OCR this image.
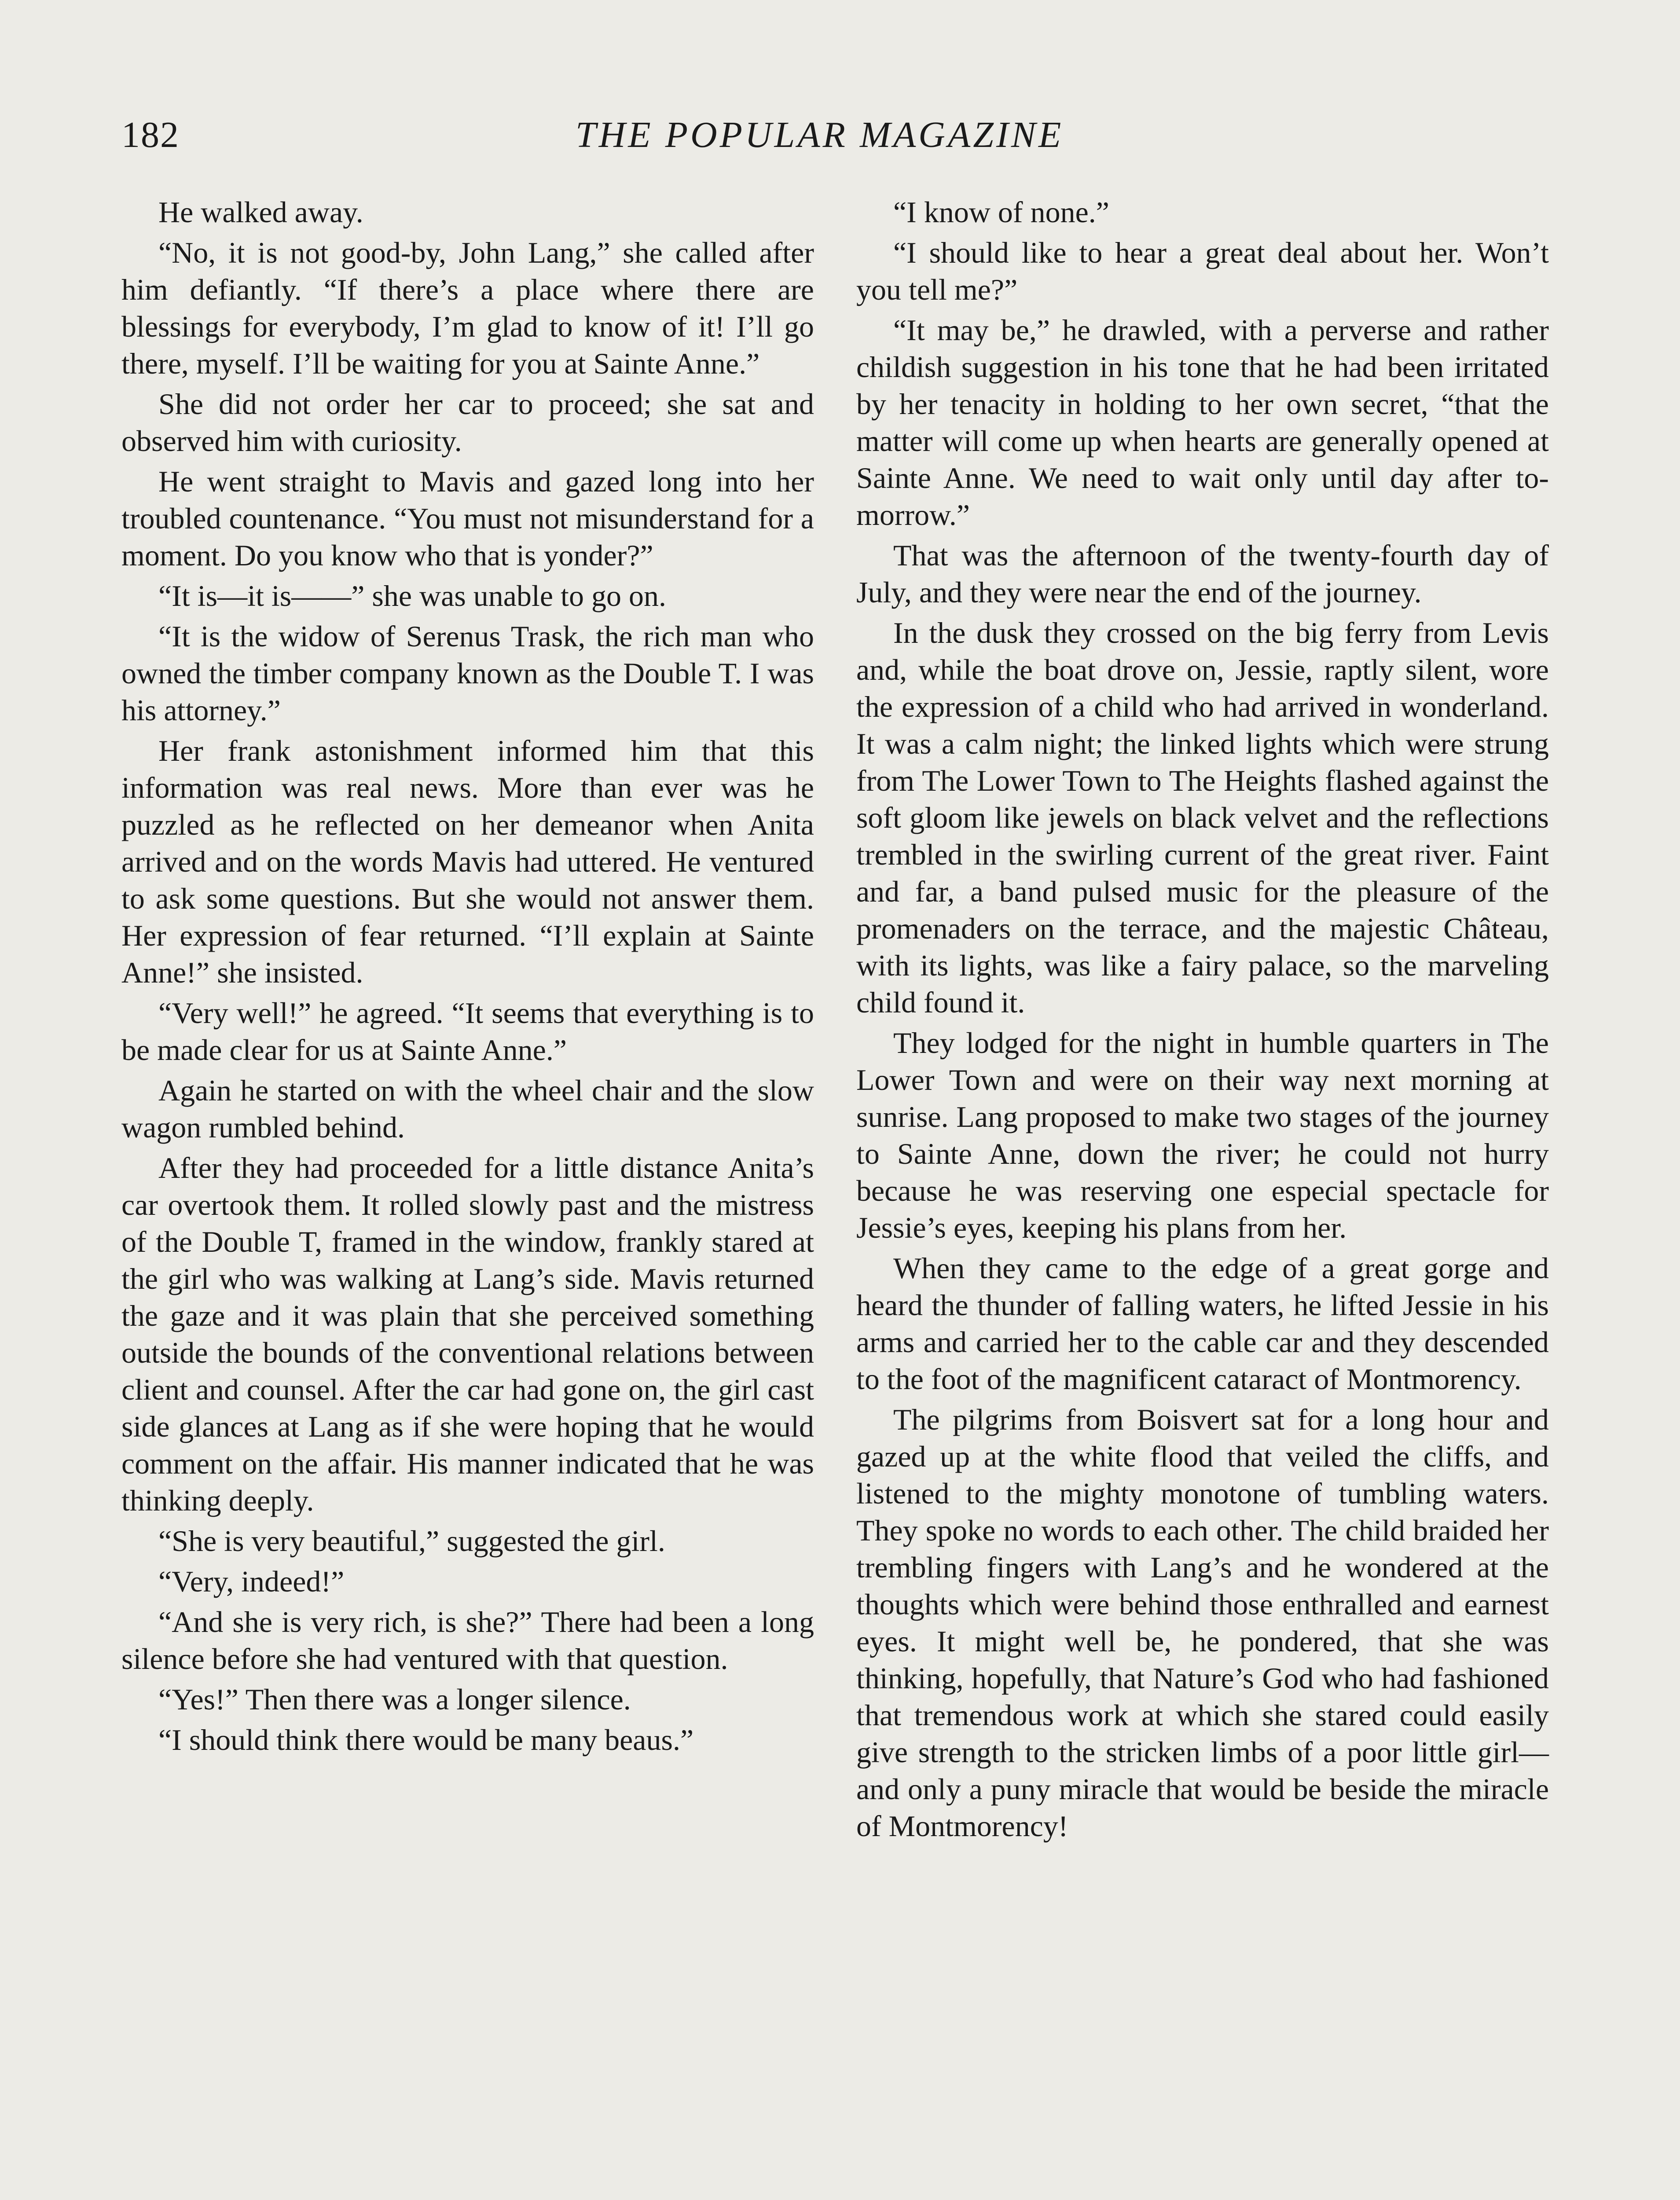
182	THE POPULAR MAGAZINE

He walked away.

“No, it is not good-by, John Lang,” she called after him defiantly. “If there’s a place where there are blessings for everybody, I’m glad to know of it! I’ll go there, myself. I’ll be waiting for you at Sainte Anne.”

She did not order her car to proceed; she sat and observed him with curiosity.

He went straight to Mavis and gazed long into her troubled countenance. “You must not misunderstand for a moment. Do you know who that is yonder?”

“It is—it is——” she was unable to go on.

“It is the widow of Serenus Trask, the rich man who owned the timber company known as the Double T. I was his attorney.”

Her frank astonishment informed him that this information was real news. More than ever was he puzzled as he reflected on her demeanor when Anita arrived and on the words Mavis had uttered. He ventured to ask some questions. But she would not answer them. Her expression of fear returned. “I’ll explain at Sainte Anne!” she insisted.

“Very well!” he agreed. “It seems that everything is to be made clear for us at Sainte Anne.”

Again he started on with the wheel chair and the slow wagon rumbled behind.

After they had proceeded for a little distance Anita’s car overtook them. It rolled slowly past and the mistress of the Double T, framed in the window, frankly stared at the girl who was walking at Lang’s side. Mavis returned the gaze and it was plain that she perceived something outside the bounds of the conventional relations between client and counsel. After the car had gone on, the girl cast side glances at Lang as if she were hoping that he would comment on the affair. His manner indicated that he was thinking deeply.

“She is very beautiful,” suggested the girl.

“Very, indeed!”

“And she is very rich, is she?” There had been a long silence before she had ventured with that question.

“Yes!” Then there was a longer silence.

“I should think there would be many beaus.”

“I know of none.”

“I should like to hear a great deal about her. Won’t you tell me?”

“It may be,” he drawled, with a perverse and rather childish suggestion in his tone that he had been irritated by her tenacity in holding to her own secret, “that the matter will come up when hearts are generally opened at Sainte Anne. We need to wait only until day after to-morrow.”

That was the afternoon of the twenty-fourth day of July, and they were near the end of the journey.

In the dusk they crossed on the big ferry from Levis and, while the boat drove on, Jessie, raptly silent, wore the expression of a child who had arrived in wonderland. It was a calm night; the linked lights which were strung from The Lower Town to The Heights flashed against the soft gloom like jewels on black velvet and the reflections trembled in the swirling current of the great river. Faint and far, a band pulsed music for the pleasure of the promenaders on the terrace, and the majestic Château, with its lights, was like a fairy palace, so the marveling child found it.

They lodged for the night in humble quarters in The Lower Town and were on their way next morning at sunrise. Lang proposed to make two stages of the journey to Sainte Anne, down the river; he could not hurry because he was reserving one especial spectacle for Jessie’s eyes, keeping his plans from her.

When they came to the edge of a great gorge and heard the thunder of falling waters, he lifted Jessie in his arms and carried her to the cable car and they descended to the foot of the magnificent cataract of Montmorency.

The pilgrims from Boisvert sat for a long hour and gazed up at the white flood that veiled the cliffs, and listened to the mighty monotone of tumbling waters. They spoke no words to each other. The child braided her trembling fingers with Lang’s and he wondered at the thoughts which were behind those enthralled and earnest eyes. It might well be, he pondered, that she was thinking, hopefully, that Nature’s God who had fashioned that tremendous work at which she stared could easily give strength to the stricken limbs of a poor little girl—and only a puny miracle that would be beside the miracle of Montmorency!
